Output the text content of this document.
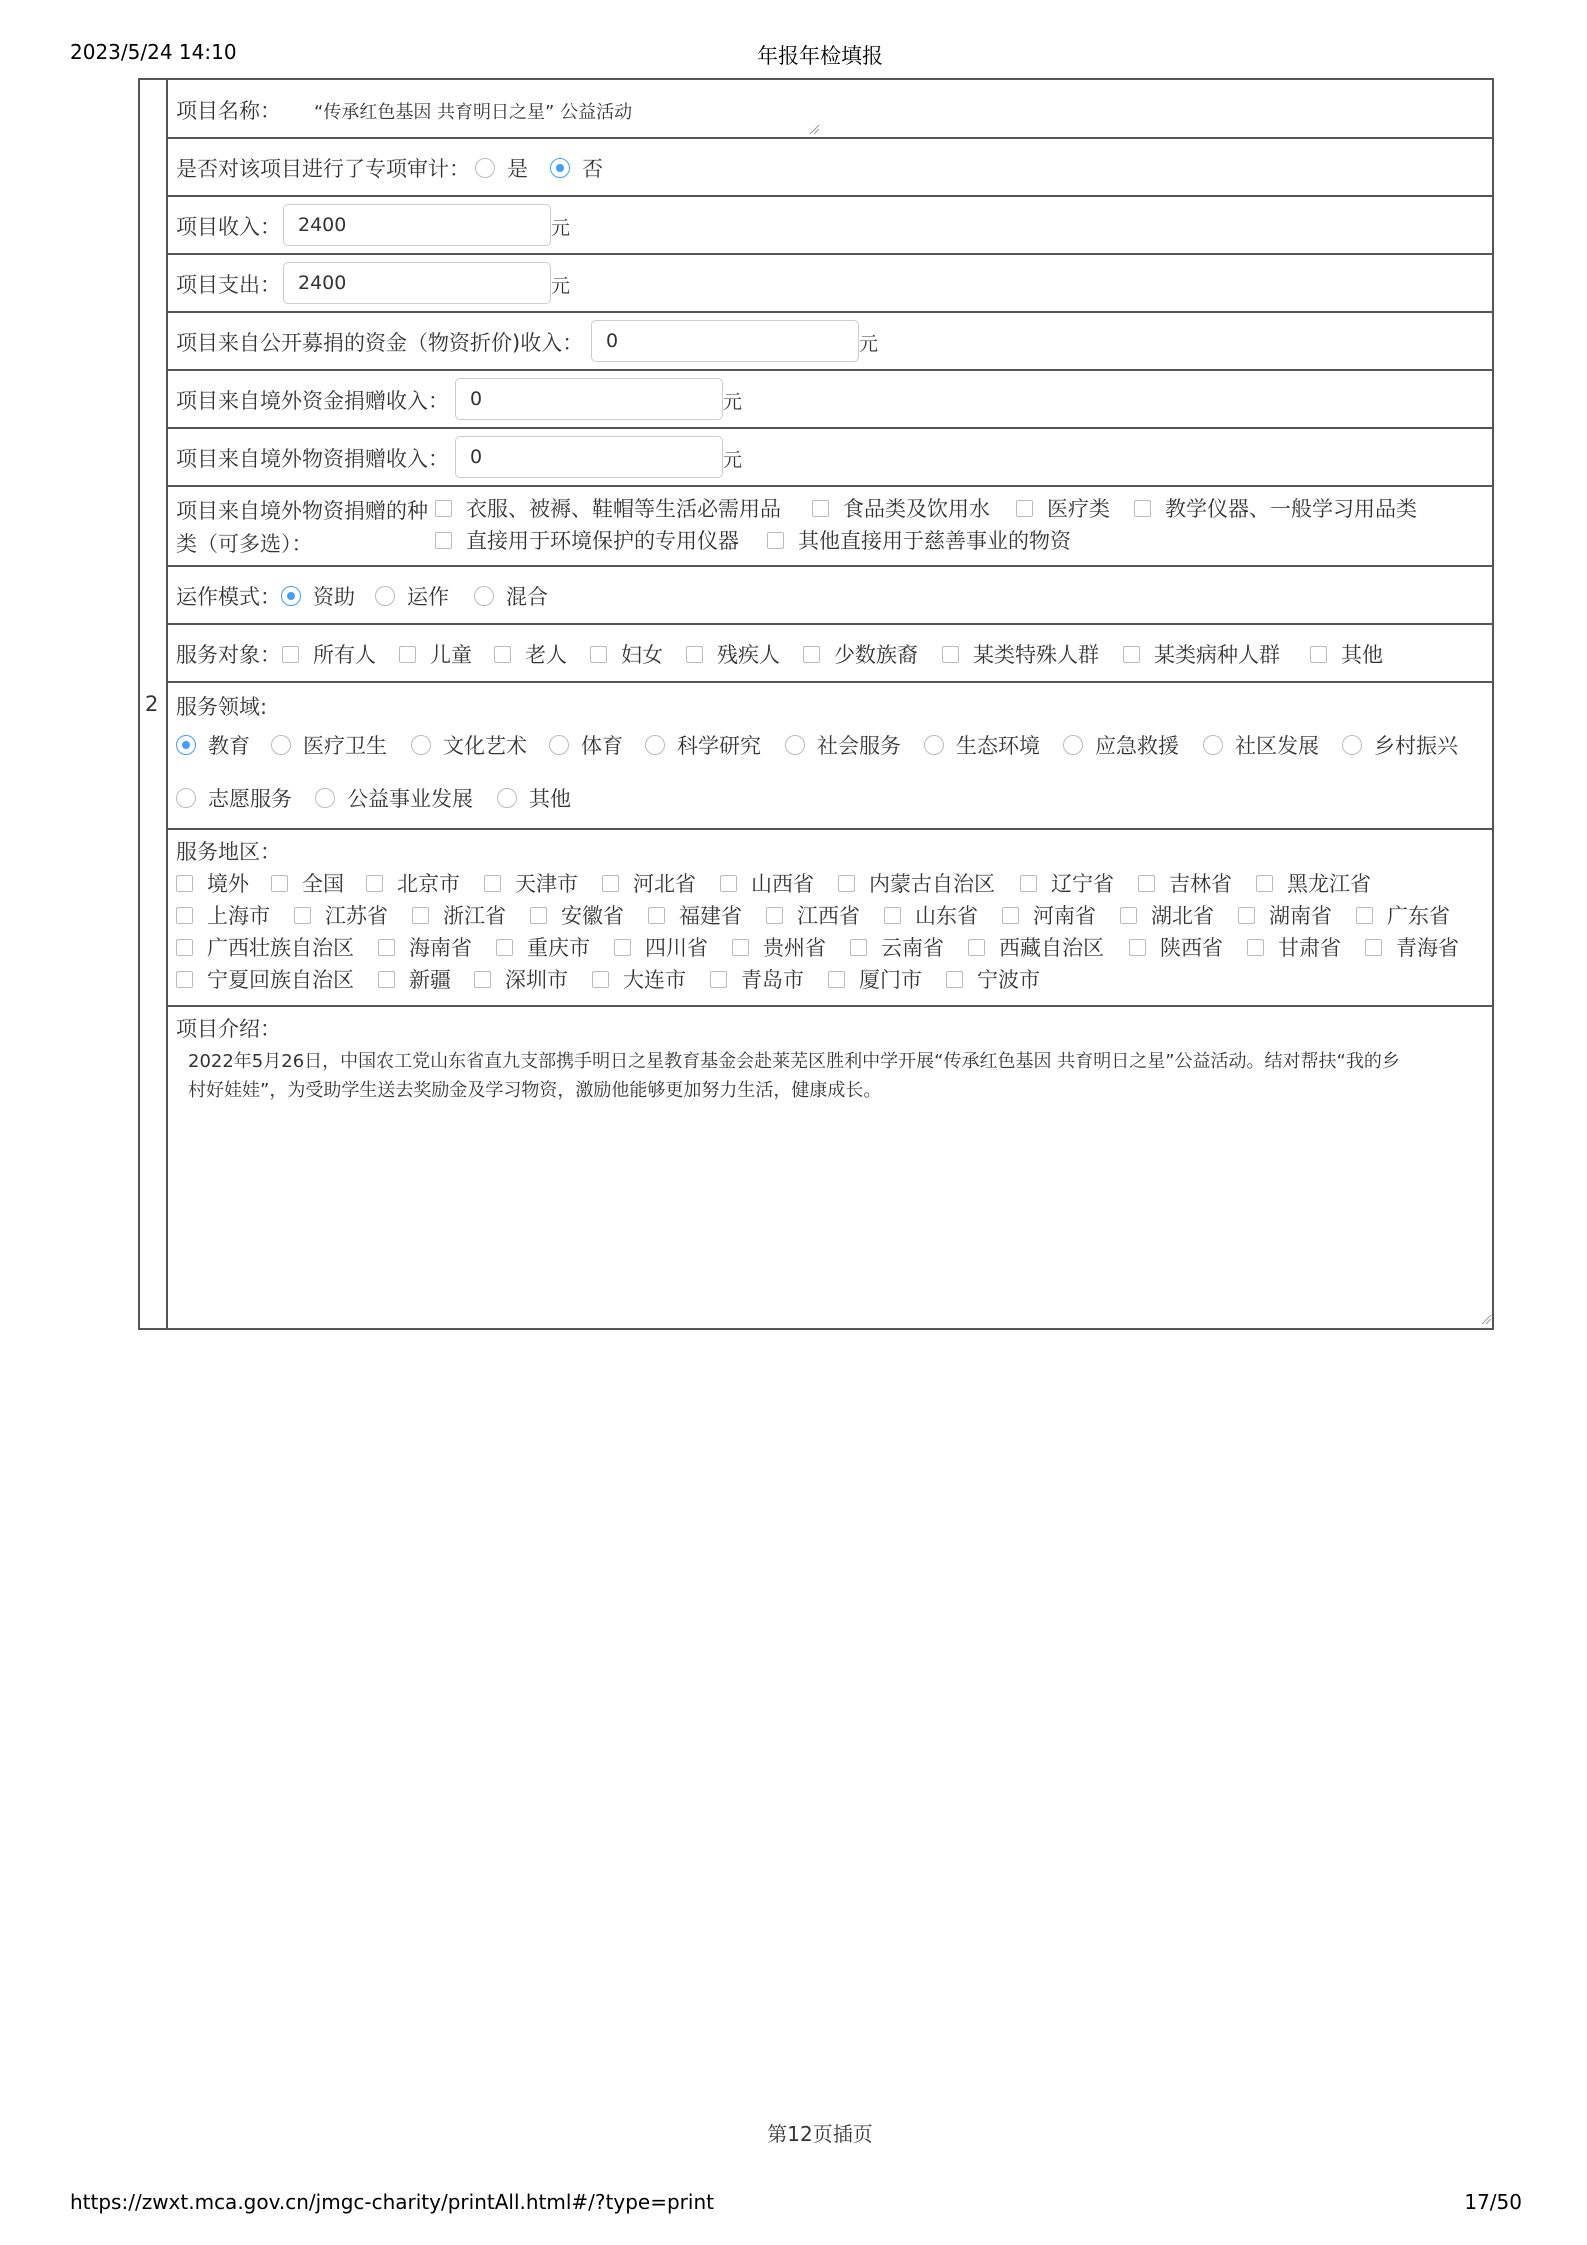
2023/5/24 14:10	年报年检填报
2
项目名称： “传承红色基因 共育明日之星” 公益活动
是否对该项目进行了专项审计： 是	否
项目收入： 2400	元
项目支出： 2400	元
项目来自公开募捐的资金（物资折价)收入：	0	元
项目来自境外资金捐赠收入：	0	元
项目来自境外物资捐赠收入：	0	元
项目来自境外物资捐赠的种
类（可多选）：
衣服、被褥、鞋帽等生活必需用品	食品类及饮用水	医疗类	教学仪器、一般学习用品类
直接用于环境保护的专用仪器	其他直接用于慈善事业的物资
运作模式： 资助 运作	混合
服务对象： 所有人	儿童	老人	妇女	残疾人	少数族裔	某类特殊人群	某类病种人群	其他
服务领域:
教育	医疗卫生	文化艺术	体育	科学研究	社会服务	生态环境	应急救援	社区发展	乡村振兴
志愿服务	公益事业发展	其他
服务地区：
境外	全国	北京市	天津市	河北省	山西省	内蒙古自治区	辽宁省	吉林省	黑龙江省
上海市	江苏省	浙江省	安徽省	福建省	江西省	山东省	河南省	湖北省	湖南省	广东省
广西壮族自治区	海南省	重庆市	四川省	贵州省	云南省	西藏自治区	陕西省	甘肃省	青海省
宁夏回族自治区	新疆	深圳市	大连市	青岛市	厦门市	宁波市
项目介绍：
2022年5月26日，中国农工党山东省直九支部携手明日之星教育基金会赴莱芜区胜利中学开展“传承红色基因 共育明日之星”公益活动。结对帮扶“我的乡
村好娃娃”，为受助学生送去奖励金及学习物资，激励他能够更加努力生活，健康成长。
第12页插页
https://zwxt.mca.gov.cn/jmgc-charity/printAll.html#/?type=print	17/50
